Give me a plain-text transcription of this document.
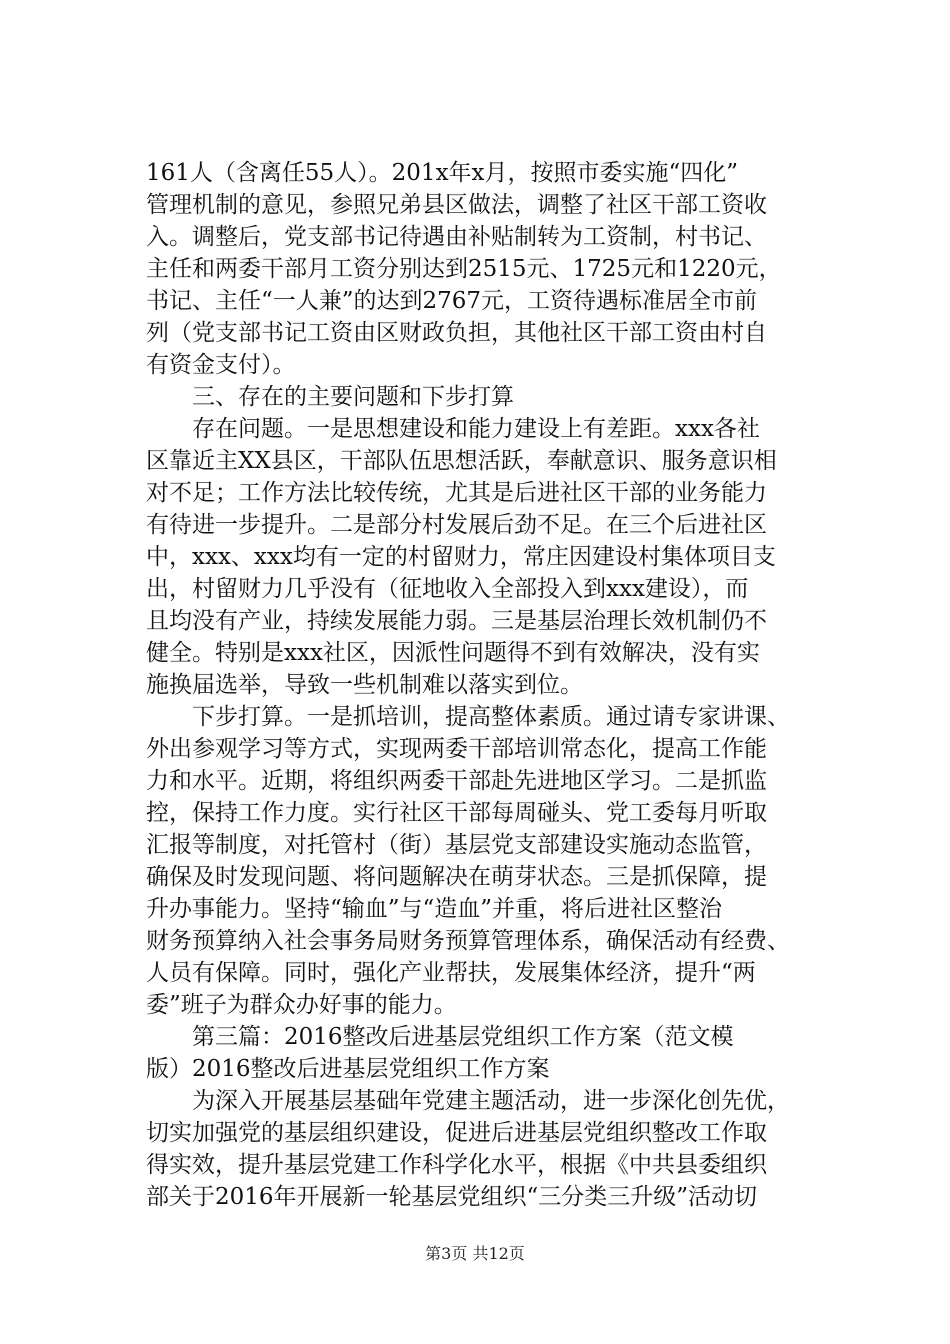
161人（含离任55人）。201x年x月，按照市委实施“四化”
管理机制的意见，参照兄弟县区做法，调整了社区干部工资收
入。调整后，党支部书记待遇由补贴制转为工资制，村书记、
主任和两委干部月工资分别达到2515元、1725元和1220元，
书记、主任“一人兼”的达到2767元，工资待遇标准居全市前
列（党支部书记工资由区财政负担，其他社区干部工资由村自
有资金支付）。
　　三、存在的主要问题和下步打算
　　存在问题。一是思想建设和能力建设上有差距。xxx各社
区靠近主XX县区，干部队伍思想活跃，奉献意识、服务意识相
对不足；工作方法比较传统，尤其是后进社区干部的业务能力
有待进一步提升。二是部分村发展后劲不足。在三个后进社区
中，xxx、xxx均有一定的村留财力，常庄因建设村集体项目支
出，村留财力几乎没有（征地收入全部投入到xxx建设），而
且均没有产业，持续发展能力弱。三是基层治理长效机制仍不
健全。特别是xxx社区，因派性问题得不到有效解决，没有实
施换届选举，导致一些机制难以落实到位。
　　下步打算。一是抓培训，提高整体素质。通过请专家讲课、
外出参观学习等方式，实现两委干部培训常态化，提高工作能
力和水平。近期，将组织两委干部赴先进地区学习。二是抓监
控，保持工作力度。实行社区干部每周碰头、党工委每月听取
汇报等制度，对托管村（街）基层党支部建设实施动态监管，
确保及时发现问题、将问题解决在萌芽状态。三是抓保障，提
升办事能力。坚持“输血”与“造血”并重，将后进社区整治
财务预算纳入社会事务局财务预算管理体系，确保活动有经费、
人员有保障。同时，强化产业帮扶，发展集体经济，提升“两
委”班子为群众办好事的能力。
　　第三篇：2016整改后进基层党组织工作方案（范文模
版）2016整改后进基层党组织工作方案
　　为深入开展基层基础年党建主题活动，进一步深化创先优，
切实加强党的基层组织建设，促进后进基层党组织整改工作取
得实效，提升基层党建工作科学化水平，根据《中共县委组织
部关于2016年开展新一轮基层党组织“三分类三升级”活动切
第3页 共12页
